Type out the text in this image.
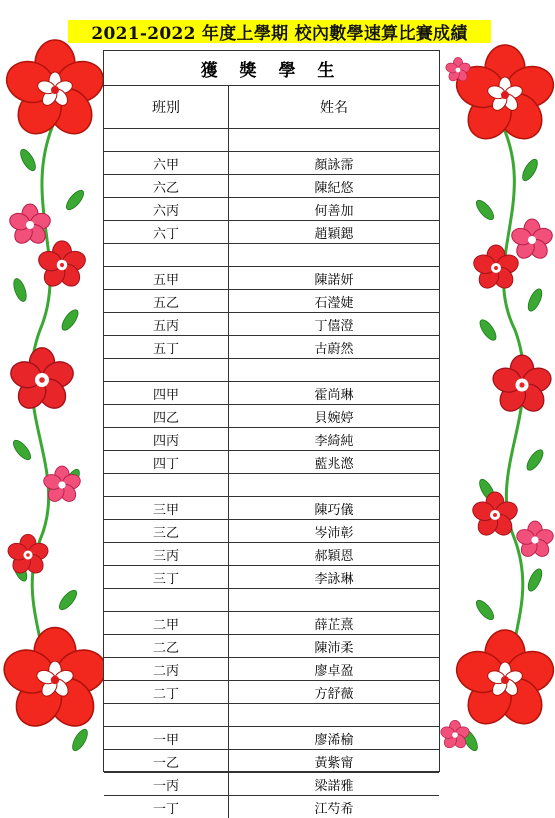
2021-2022 年度上學期 校內數學速算比賽成績
獲 獎 學 生
班別	姓名
六甲	顏詠霈
六乙	陳紀悠
六丙	何善加
六丁	趙穎鍶
五甲	陳諾妍
五乙	石瀅婕
五丙	丁僖澄
五丁	古蔚然
四甲	霍尚琳
四乙	貝婉婷
四丙	李綺純
四丁	藍兆滺
三甲	陳巧儀
三乙	岑沛彰
三丙	郝穎恩
三丁	李詠琳
二甲	薛芷熹
二乙	陳沛柔
二丙	廖卓盈
二丁	方舒薇
一甲	廖浠榆
一乙	黃紫甯
一丙	梁諾雅
一丁	江芍希
